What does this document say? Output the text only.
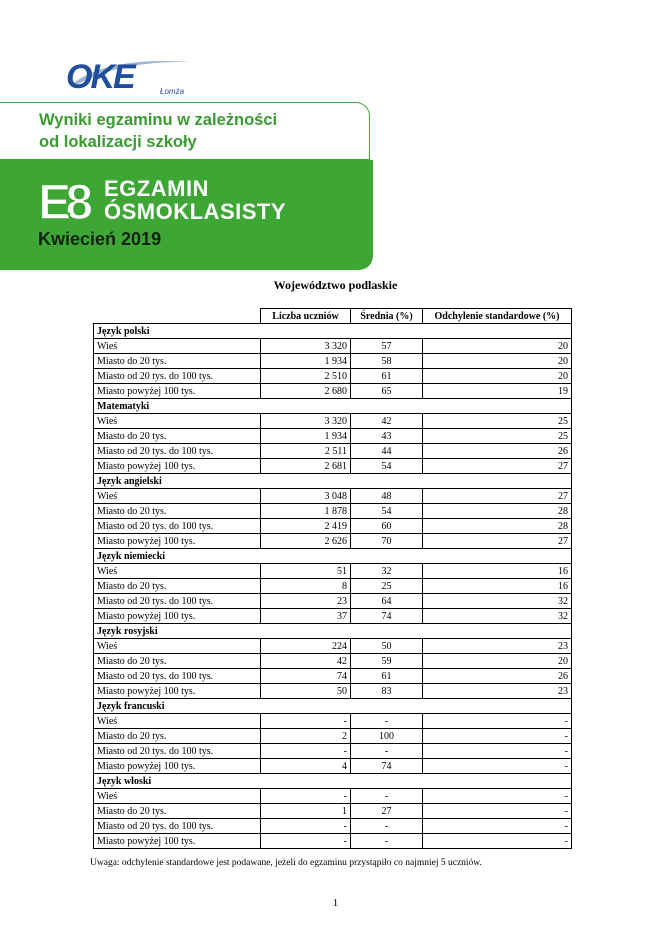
OKE	Łomża
Wyniki egzaminu w zależności
od lokalizacji szkoły
E8 EGZAMIN
ÓSMOKLASISTY
Kwiecień 2019
Województwo podlaskie
	Liczba uczniów	Średnia (%)	Odchylenie standardowe (%)
Język polski			
Wieś	3 320	57	20
Miasto do 20 tys.	1 934	58	20
Miasto od 20 tys. do 100 tys.	2 510	61	20
Miasto powyżej 100 tys.	2 680	65	19
Matematyki			
Wieś	3 320	42	25
Miasto do 20 tys.	1 934	43	25
Miasto od 20 tys. do 100 tys.	2 511	44	26
Miasto powyżej 100 tys.	2 681	54	27
Język angielski			
Wieś	3 048	48	27
Miasto do 20 tys.	1 878	54	28
Miasto od 20 tys. do 100 tys.	2 419	60	28
Miasto powyżej 100 tys.	2 626	70	27
Język niemiecki			
Wieś	51	32	16
Miasto do 20 tys.	8	25	16
Miasto od 20 tys. do 100 tys.	23	64	32
Miasto powyżej 100 tys.	37	74	32
Język rosyjski			
Wieś	224	50	23
Miasto do 20 tys.	42	59	20
Miasto od 20 tys. do 100 tys.	74	61	26
Miasto powyżej 100 tys.	50	83	23
Język francuski			
Wieś	-	-	-
Miasto do 20 tys.	2	100	-
Miasto od 20 tys. do 100 tys.	-	-	-
Miasto powyżej 100 tys.	4	74	-
Język włoski			
Wieś	-	-	-
Miasto do 20 tys.	1	27	-
Miasto od 20 tys. do 100 tys.	-	-	-
Miasto powyżej 100 tys.	-	-	-
Uwaga: odchylenie standardowe jest podawane, jeżeli do egzaminu przystąpiło co najmniej 5 uczniów.
1
